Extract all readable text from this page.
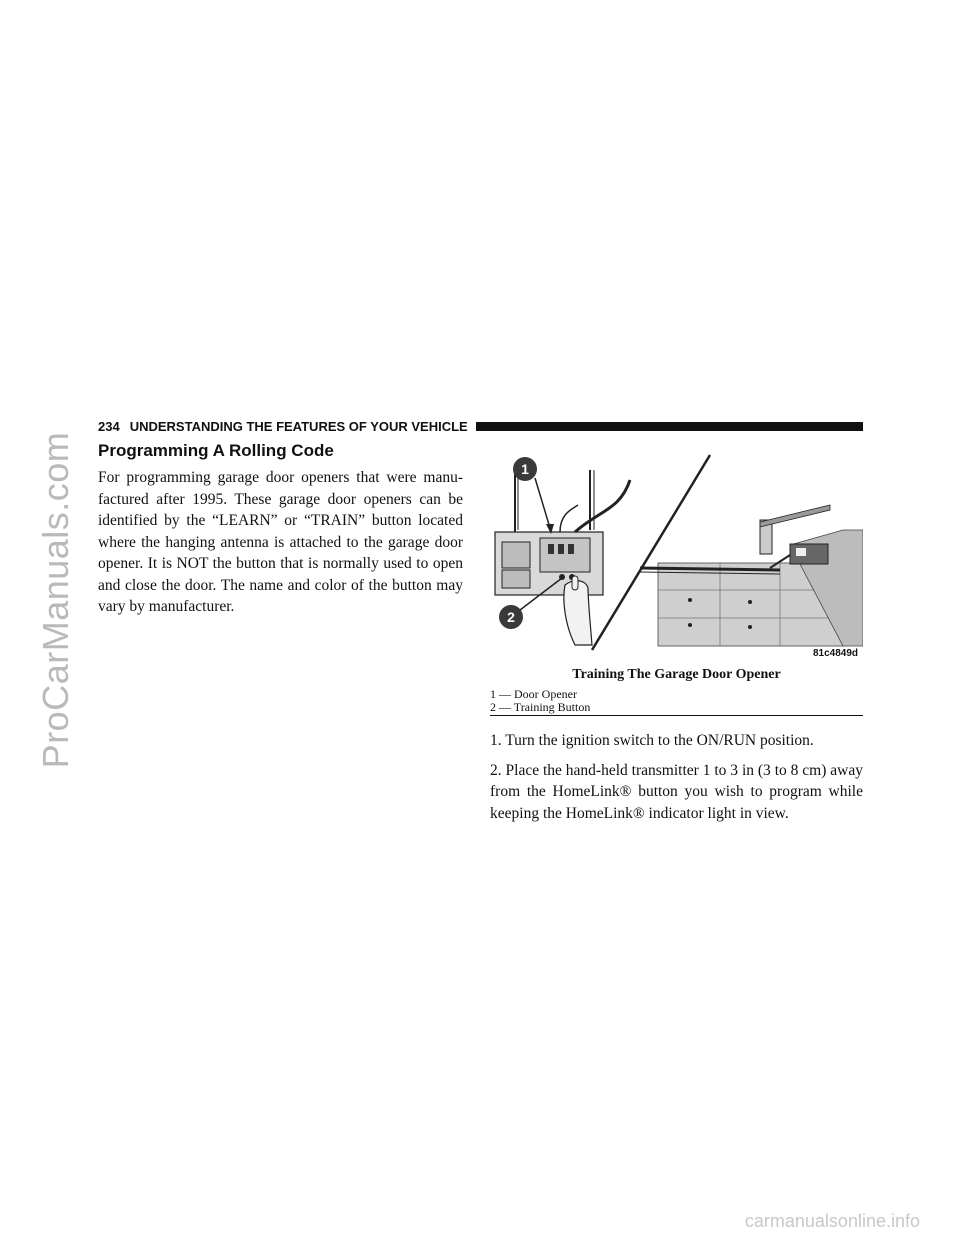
ProCarManuals.com
234 UNDERSTANDING THE FEATURES OF YOUR VEHICLE
Programming A Rolling Code

For programming garage door openers that were manu-factured after 1995. These garage door openers can be identified by the “LEARN” or “TRAIN” button located where the hanging antenna is attached to the garage door opener. It is NOT the button that is normally used to open and close the door. The name and color of the button may vary by manufacturer.

1
2
81c4849d

Training The Garage Door Opener

1 — Door Opener
2 — Training Button

1. Turn the ignition switch to the ON/RUN position.

2. Place the hand-held transmitter 1 to 3 in (3 to 8 cm) away from the HomeLink® button you wish to program while keeping the HomeLink® indicator light in view.

carmanualsonline.info
